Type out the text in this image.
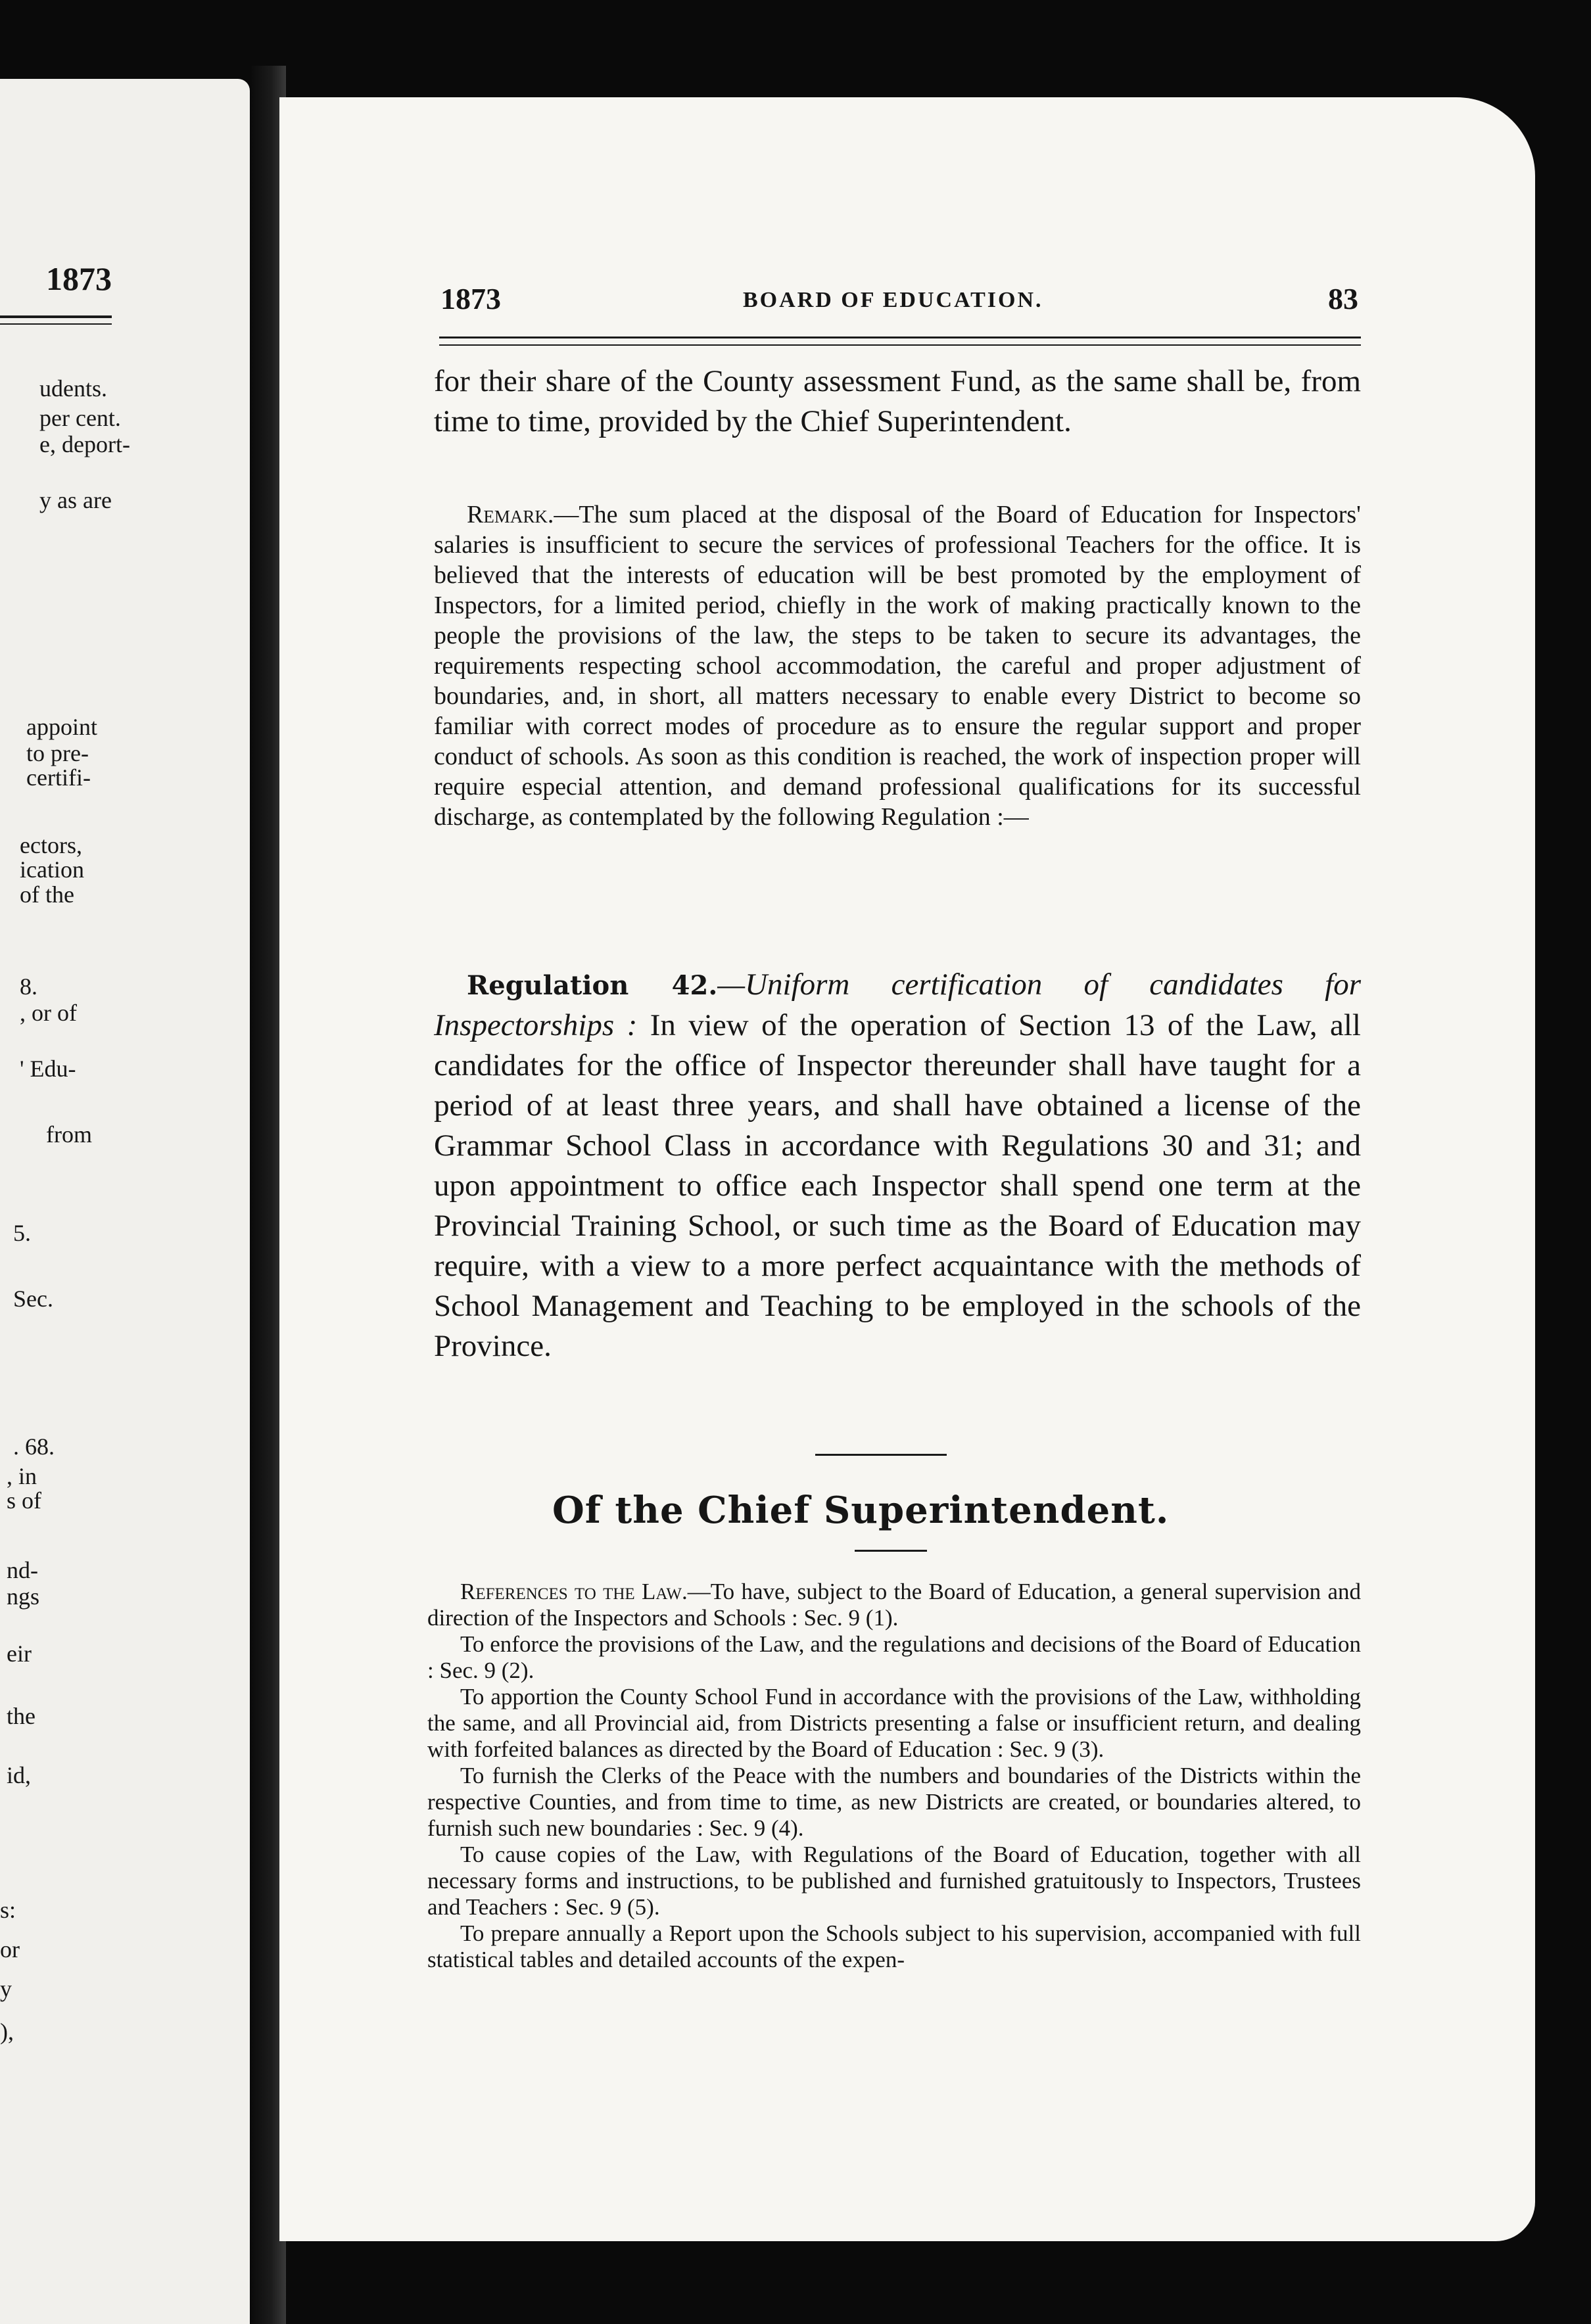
1873
udents.
per cent.
e, deport-
y as are
appoint
to pre-
certifi-
ectors,
ication
of the
8.
, or of
' Edu-
from
5.
Sec.
. 68.
, in
s of
nd-
ngs
eir
the
id,
s:
or
y
),
1873	BOARD OF EDUCATION.	83
for their share of the County assessment Fund, as the same shall be, from time to time, provided by the Chief Superintendent.

Remark.—The sum placed at the disposal of the Board of Education for Inspectors' salaries is insufficient to secure the services of professional Teachers for the office. It is believed that the interests of education will be best promoted by the employment of Inspectors, for a limited period, chiefly in the work of making practically known to the people the provisions of the law, the steps to be taken to secure its advantages, the requirements respecting school accommodation, the careful and proper adjustment of boundaries, and, in short, all matters necessary to enable every District to become so familiar with correct modes of procedure as to ensure the regular support and proper conduct of schools. As soon as this condition is reached, the work of inspection proper will require especial attention, and demand professional qualifications for its successful discharge, as contemplated by the following Regulation :—

Regulation 42.—Uniform certification of candidates for Inspectorships : In view of the operation of Section 13 of the Law, all candidates for the office of Inspector thereunder shall have taught for a period of at least three years, and shall have obtained a license of the Grammar School Class in accordance with Regulations 30 and 31; and upon appointment to office each Inspector shall spend one term at the Provincial Training School, or such time as the Board of Education may require, with a view to a more perfect acquaintance with the methods of School Management and Teaching to be employed in the schools of the Province.

Of the Chief Superintendent.

References to the Law.—To have, subject to the Board of Education, a general supervision and direction of the Inspectors and Schools : Sec. 9 (1).

To enforce the provisions of the Law, and the regulations and decisions of the Board of Education : Sec. 9 (2).

To apportion the County School Fund in accordance with the provisions of the Law, withholding the same, and all Provincial aid, from Districts presenting a false or insufficient return, and dealing with forfeited balances as directed by the Board of Education : Sec. 9 (3).

To furnish the Clerks of the Peace with the numbers and boundaries of the Districts within the respective Counties, and from time to time, as new Districts are created, or boundaries altered, to furnish such new boundaries : Sec. 9 (4).

To cause copies of the Law, with Regulations of the Board of Education, together with all necessary forms and instructions, to be published and furnished gratuitously to Inspectors, Trustees and Teachers : Sec. 9 (5).

To prepare annually a Report upon the Schools subject to his supervision, accompanied with full statistical tables and detailed accounts of the expen-
